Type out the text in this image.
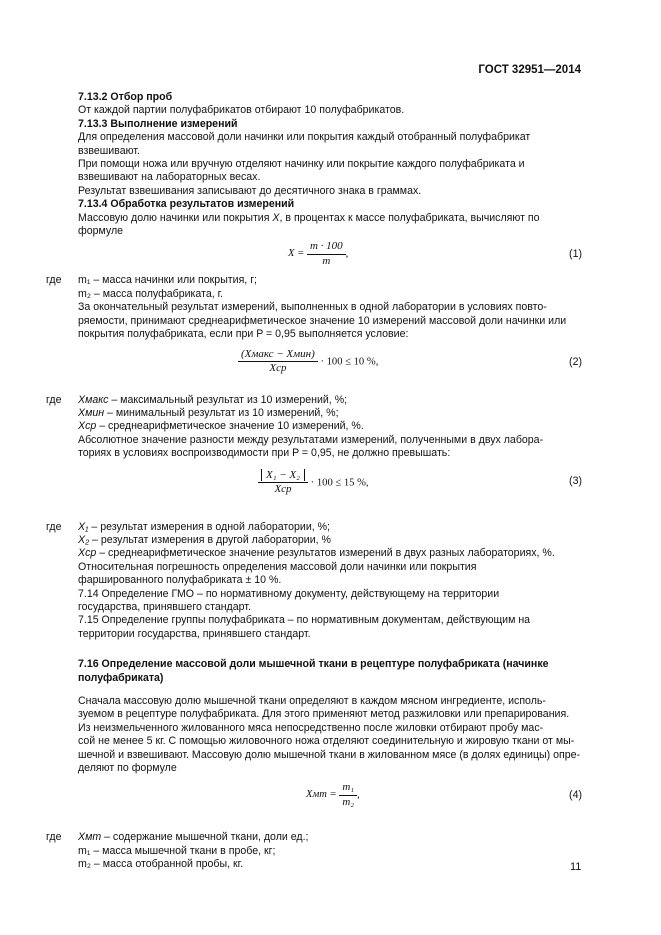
ГОСТ 32951—2014

7.13.2 Отбор проб

От каждой партии полуфабрикатов отбирают 10 полуфабрикатов.

7.13.3 Выполнение измерений

Для определения массовой доли начинки или покрытия каждый отобранный полуфабрикат

взвешивают.

При помощи ножа или вручную отделяют начинку или покрытие каждого полуфабриката и

взвешивают на лабораторных весах.

Результат взвешивания записывают до десятичного знака в граммах.

7.13.4 Обработка результатов измерений

Массовую долю начинки или покрытия X, в процентах к массе полуфабриката, вычисляют по

формуле

$X = \frac{m \cdot 100}{m}$ ,	(1)
где m₁ – масса начинки или покрытия, г;

m₂ – масса полуфабриката, г.

За окончательный результат измерений, выполненных в одной лаборатории в условиях повто-

ряемости, принимают среднеарифметическое значение 10 измерений массовой доли начинки или

покрытия полуфабриката, если при P = 0,95 выполняется условие:

$\frac{\text{(Xмакс − Xмин)}}{\text{Xср}} \cdot 100 \le 10$ %,	(2)
где Xмакс – максимальный результат из 10 измерений, %;

Xмин – минимальный результат из 10 измерений, %;

Xср – среднеарифметическое значение 10 измерений, %.

Абсолютное значение разности между результатами измерений, полученными в двух лабора-

ториях в условиях воспроизводимости при P = 0,95, не должно превышать:

$\frac{\text{X₁ − X₂}}{\text{Xср}} \cdot 100 \le 15$ %,	(3)
где X₁ – результат измерения в одной лаборатории, %;

X₂ – результат измерения в другой лаборатории, %

Xср – среднеарифметическое значение результатов измерений в двух разных лабораториях, %.

Относительная погрешность определения массовой доли начинки или покрытия

фаршированного полуфабриката ± 10 %.

7.14 Определение ГМО – по нормативному документу, действующему на территории

государства, принявшего стандарт.

7.15 Определение группы полуфабриката – по нормативным документам, действующим на

территории государства, принявшего стандарт.

7.16 Определение массовой доли мышечной ткани в рецептуре полуфабриката (начинке
полуфабриката)

Сначала массовую долю мышечной ткани определяют в каждом мясном ингредиенте, исполь-

зуемом в рецептуре полуфабриката. Для этого применяют метод разжиловки или препарирования.

Из неизмельченного жилованного мяса непосредственно после жиловки отбирают пробу мас-

сой не менее 5 кг. С помощью жиловочного ножа отделяют соединительную и жировую ткани от мы-

шечной и взвешивают. Массовую долю мышечной ткани в жилованном мясе (в долях единицы) опре-

деляют по формуле

Xмт = $\frac{\text{m₁}}{\text{m₂}}$ ,	(4)
где Xмт – содержание мышечной ткани, доли ед.;

m₁ – масса мышечной ткани в пробе, кг;

m₂ – масса отобранной пробы, кг.	11
